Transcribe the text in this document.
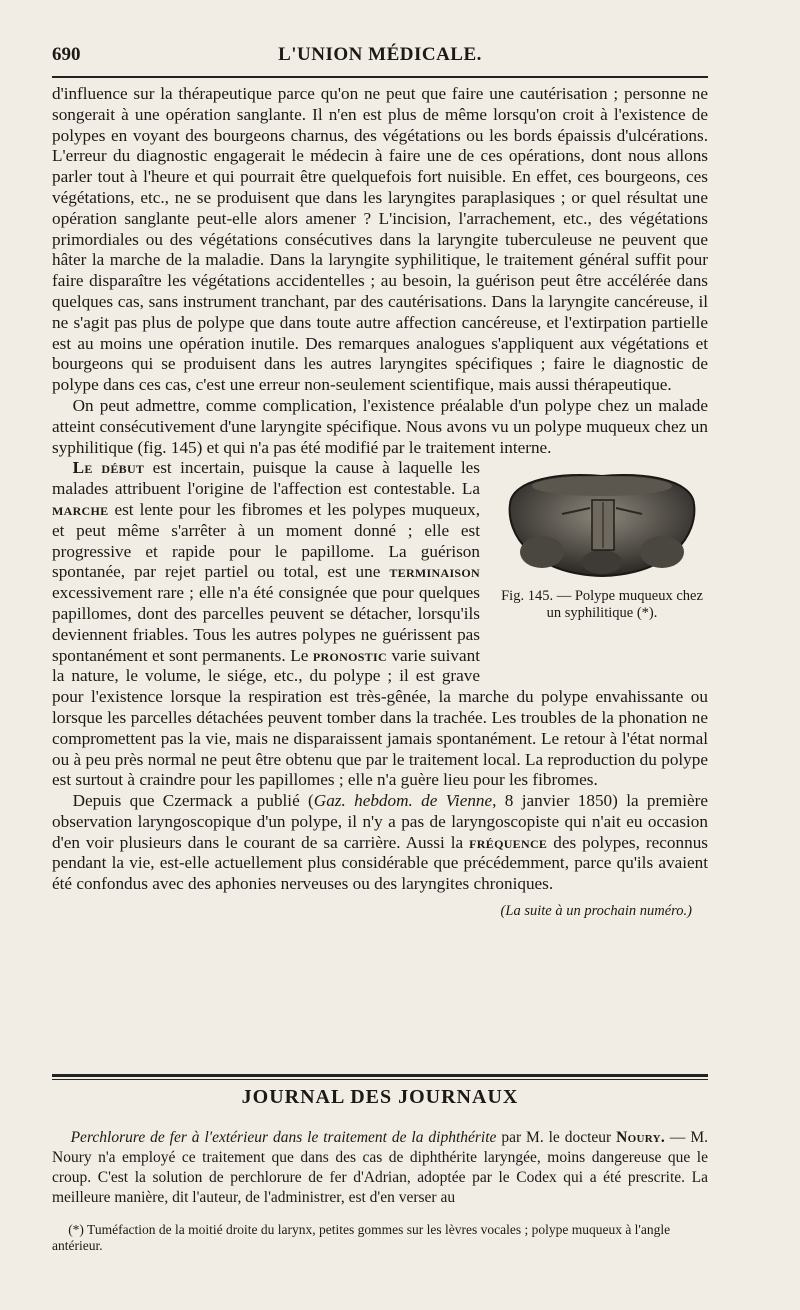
690	L'UNION MÉDICALE.

d'influence sur la thérapeutique parce qu'on ne peut que faire une cautérisation ; personne ne songerait à une opération sanglante. Il n'en est plus de même lorsqu'on croit à l'existence de polypes en voyant des bourgeons charnus, des végétations ou les bords épaissis d'ulcérations. L'erreur du diagnostic engagerait le médecin à faire une de ces opérations, dont nous allons parler tout à l'heure et qui pourrait être quelquefois fort nuisible. En effet, ces bourgeons, ces végétations, etc., ne se produisent que dans les laryngites paraplasiques ; or quel résultat une opération sanglante peut-elle alors amener ? L'incision, l'arrachement, etc., des végétations primordiales ou des végétations consécutives dans la laryngite tuberculeuse ne peuvent que hâter la marche de la maladie. Dans la laryngite syphilitique, le traitement général suffit pour faire disparaître les végétations accidentelles ; au besoin, la guérison peut être accélérée dans quelques cas, sans instrument tranchant, par des cautérisations. Dans la laryngite cancéreuse, il ne s'agit pas plus de polype que dans toute autre affection cancéreuse, et l'extirpation partielle est au moins une opération inutile. Des remarques analogues s'appliquent aux végétations et bourgeons qui se produisent dans les autres laryngites spécifiques ; faire le diagnostic de polype dans ces cas, c'est une erreur non-seulement scientifique, mais aussi thérapeutique.

On peut admettre, comme complication, l'existence préalable d'un polype chez un malade atteint consécutivement d'une laryngite spécifique. Nous avons vu un polype muqueux chez un syphilitique (fig. 145) et qui n'a pas été modifié par le traitement interne.

Fig. 145. — Polype muqueux chez un syphilitique (*).

Le début est incertain, puisque la cause à laquelle les malades attribuent l'origine de l'affection est contestable. La marche est lente pour les fibromes et les polypes muqueux, et peut même s'arrêter à un moment donné ; elle est progressive et rapide pour le papillome. La guérison spontanée, par rejet partiel ou total, est une terminaison excessivement rare ; elle n'a été consignée que pour quelques papillomes, dont des parcelles peuvent se détacher, lorsqu'ils deviennent friables. Tous les autres polypes ne guérissent pas spontanément et sont permanents. Le pronostic varie suivant la nature, le volume, le siége, etc., du polype ; il est grave pour l'existence lorsque la respiration est très-gênée, la marche du polype envahissante ou lorsque les parcelles détachées peuvent tomber dans la trachée. Les troubles de la phonation ne compromettent pas la vie, mais ne disparaissent jamais spontanément. Le retour à l'état normal ou à peu près normal ne peut être obtenu que par le traitement local. La reproduction du polype est surtout à craindre pour les papillomes ; elle n'a guère lieu pour les fibromes.

Depuis que Czermack a publié (Gaz. hebdom. de Vienne, 8 janvier 1850) la première observation laryngoscopique d'un polype, il n'y a pas de laryngoscopiste qui n'ait eu occasion d'en voir plusieurs dans le courant de sa carrière. Aussi la fréquence des polypes, reconnus pendant la vie, est-elle actuellement plus considérable que précédemment, parce qu'ils avaient été confondus avec des aphonies nerveuses ou des laryngites chroniques.

(La suite à un prochain numéro.)
JOURNAL DES JOURNAUX

Perchlorure de fer à l'extérieur dans le traitement de la diphthérite par M. le docteur Noury. — M. Noury n'a employé ce traitement que dans des cas de diphthérite laryngée, moins dangereuse que le croup. C'est la solution de perchlorure de fer d'Adrian, adoptée par le Codex qui a été prescrite. La meilleure manière, dit l'auteur, de l'administrer, est d'en verser au

(*) Tuméfaction de la moitié droite du larynx, petites gommes sur les lèvres vocales ; polype muqueux à l'angle antérieur.
